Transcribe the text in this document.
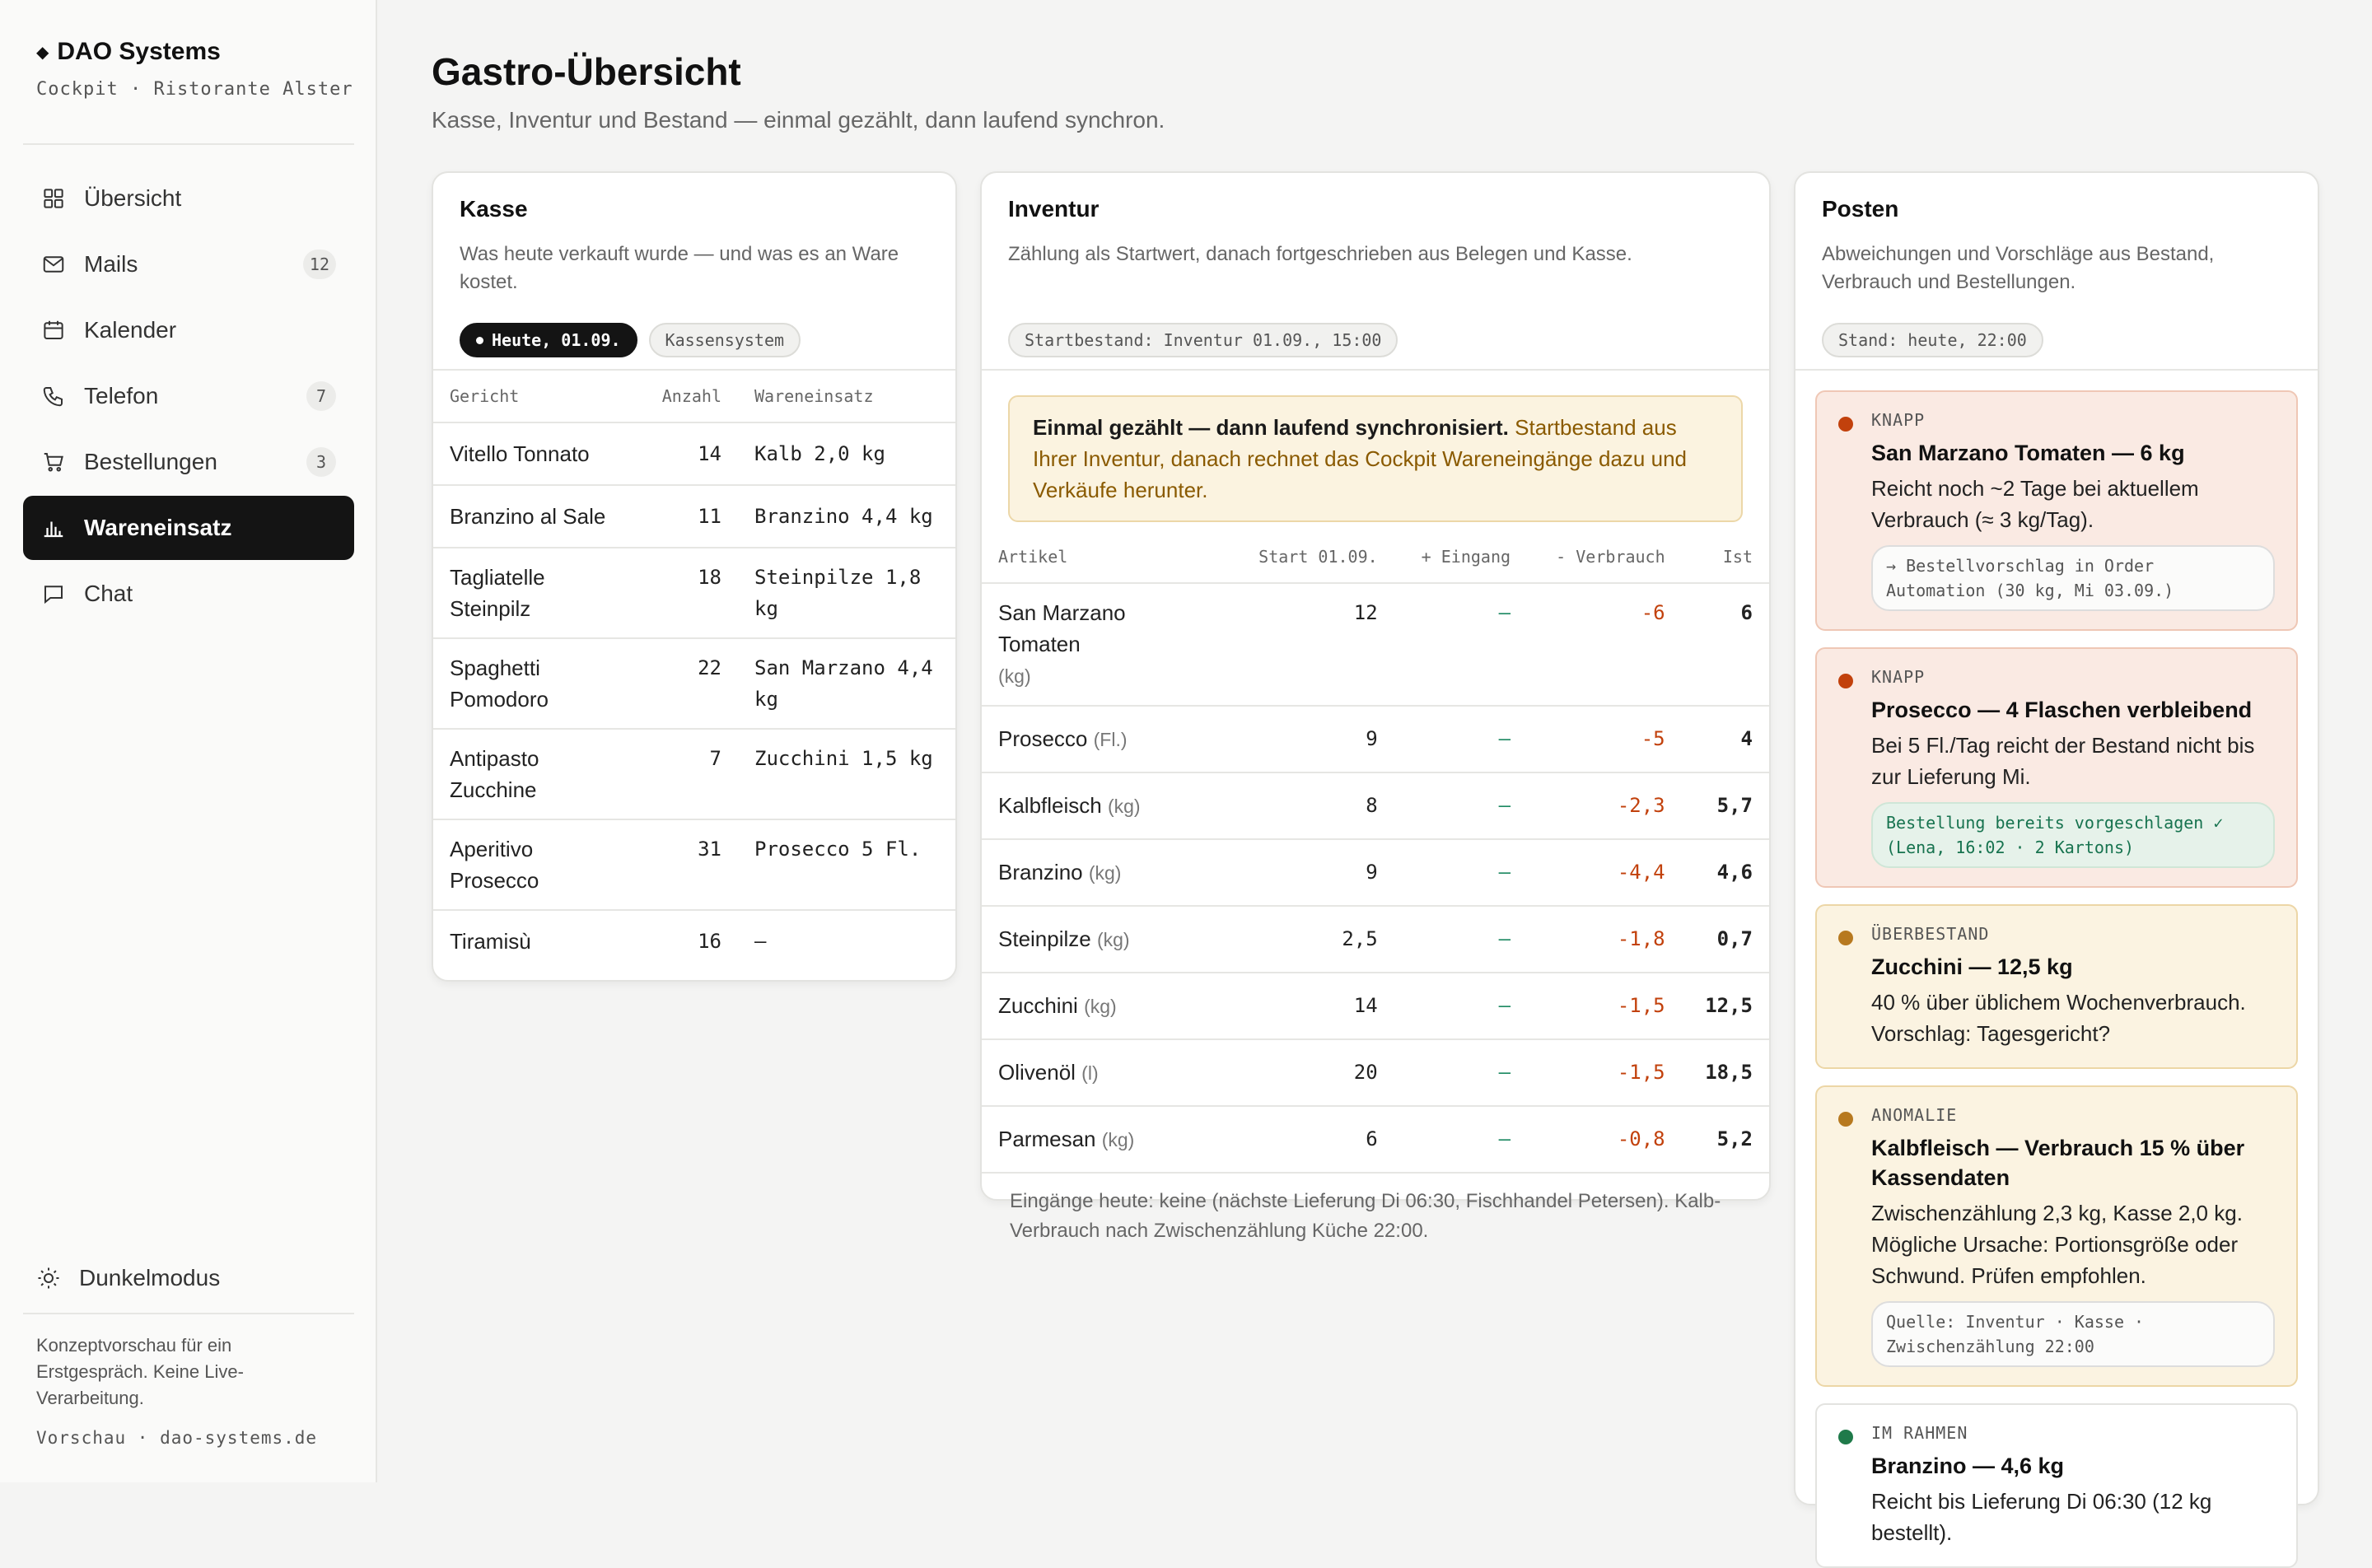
◆ DAO Systems
Cockpit · Ristorante Alster
Übersicht
Mails	12
Kalender
Telefon	7
Bestellungen	3
Wareneinsatz
Chat
Dunkelmodus
Konzeptvorschau für ein Erstgespräch. Keine Live-Verarbeitung.
Vorschau · dao-systems.de
Gastro-Übersicht
Kasse, Inventur und Bestand — einmal gezählt, dann laufend synchron.
Kasse
Was heute verkauft wurde — und was es an Ware kostet.
Heute, 01.09.	Kassensystem
Gericht	Anzahl	Wareneinsatz
Vitello Tonnato	14	Kalb 2,0 kg
Branzino al Sale	11	Branzino 4,4 kg
Tagliatelle Steinpilz	18	Steinpilze 1,8 kg
Spaghetti Pomodoro	22	San Marzano 4,4 kg
Antipasto Zucchine	7	Zucchini 1,5 kg
Aperitivo Prosecco	31	Prosecco 5 Fl.
Tiramisù	16	—
Inventur
Zählung als Startwert, danach fortgeschrieben aus Belegen und Kasse.
Startbestand: Inventur 01.09., 15:00
Einmal gezählt — dann laufend synchronisiert. Startbestand aus Ihrer Inventur, danach rechnet das Cockpit Wareneingänge dazu und Verkäufe herunter.
Artikel	Start 01.09.	+ Eingang	- Verbrauch	Ist
San Marzano Tomaten
(kg)	12	–	-6	6
Prosecco (Fl.)	9	–	-5	4
Kalbfleisch (kg)	8	–	-2,3	5,7
Branzino (kg)	9	–	-4,4	4,6
Steinpilze (kg)	2,5	–	-1,8	0,7
Zucchini (kg)	14	–	-1,5	12,5
Olivenöl (l)	20	–	-1,5	18,5
Parmesan (kg)	6	–	-0,8	5,2
Eingänge heute: keine (nächste Lieferung Di 06:30, Fischhandel Petersen). Kalb-Verbrauch nach Zwischenzählung Küche 22:00.
Posten
Abweichungen und Vorschläge aus Bestand, Verbrauch und Bestellungen.
Stand: heute, 22:00
KNAPP
San Marzano Tomaten — 6 kg
Reicht noch ~2 Tage bei aktuellem Verbrauch (≈ 3 kg/Tag).
→ Bestellvorschlag in Order Automation (30 kg, Mi 03.09.)
KNAPP
Prosecco — 4 Flaschen verbleibend
Bei 5 Fl./Tag reicht der Bestand nicht bis zur Lieferung Mi.
Bestellung bereits vorgeschlagen ✓ (Lena, 16:02 · 2 Kartons)
ÜBERBESTAND
Zucchini — 12,5 kg
40 % über üblichem Wochenverbrauch. Vorschlag: Tagesgericht?
ANOMALIE
Kalbfleisch — Verbrauch 15 % über Kassendaten
Zwischenzählung 2,3 kg, Kasse 2,0 kg. Mögliche Ursache: Portionsgröße oder Schwund. Prüfen empfohlen.
Quelle: Inventur · Kasse · Zwischenzählung 22:00
IM RAHMEN
Branzino — 4,6 kg
Reicht bis Lieferung Di 06:30 (12 kg bestellt).
